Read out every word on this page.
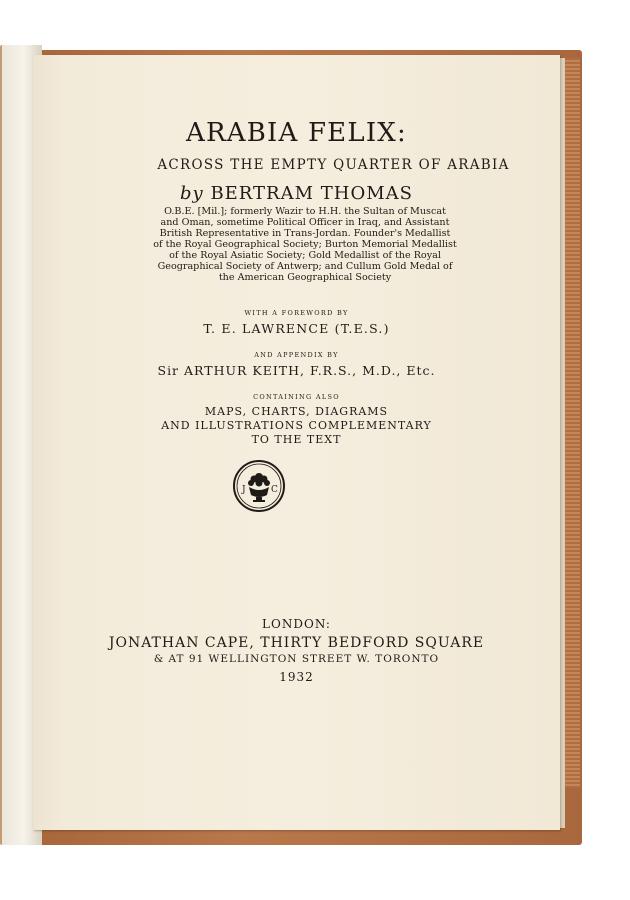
ARABIA FELIX:
ACROSS THE EMPTY QUARTER OF ARABIA
by BERTRAM THOMAS
O.B.E. [Mil.]; formerly Wazir to H.H. the Sultan of Muscat
and Oman, sometime Political Officer in Iraq, and Assistant
British Representative in Trans-Jordan. Founder's Medallist
of the Royal Geographical Society; Burton Memorial Medallist
of the Royal Asiatic Society; Gold Medallist of the Royal
Geographical Society of Antwerp; and Cullum Gold Medal of
the American Geographical Society
WITH A FOREWORD BY
T. E. LAWRENCE (T.E.S.)
AND APPENDIX BY
Sir ARTHUR KEITH, F.R.S., M.D., Etc.
CONTAINING ALSO
MAPS, CHARTS, DIAGRAMS
AND ILLUSTRATIONS COMPLEMENTARY
TO THE TEXT
J	C
LONDON:
JONATHAN CAPE, THIRTY BEDFORD SQUARE
& AT 91 WELLINGTON STREET W. TORONTO
1932
